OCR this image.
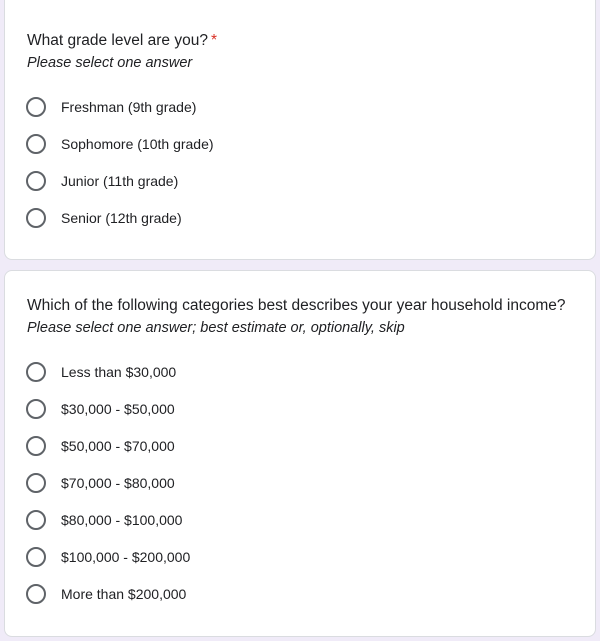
What grade level are you? *
Please select one answer
Freshman (9th grade)
Sophomore (10th grade)
Junior (11th grade)
Senior (12th grade)
Which of the following categories best describes your year household income?
Please select one answer; best estimate or, optionally, skip
Less than $30,000
$30,000 - $50,000
$50,000 - $70,000
$70,000 - $80,000
$80,000 - $100,000
$100,000 - $200,000
More than $200,000
